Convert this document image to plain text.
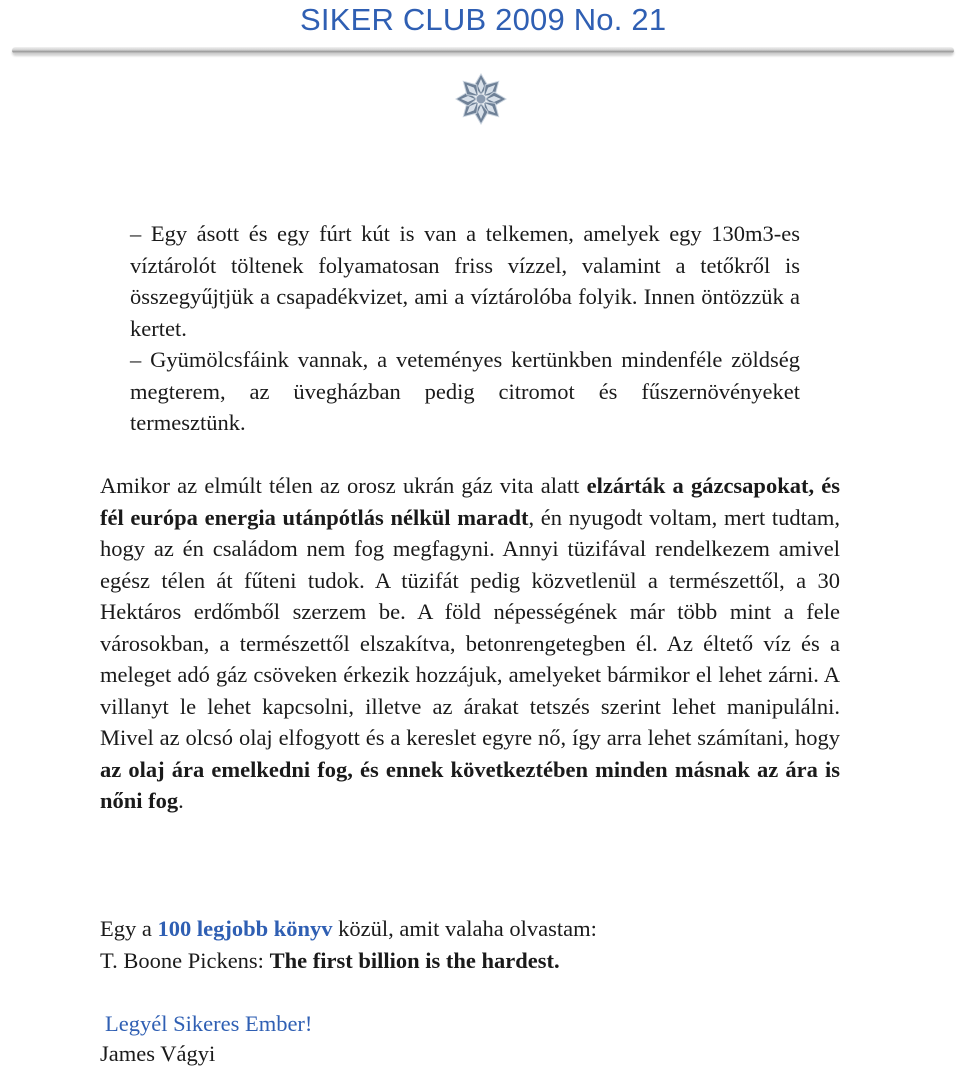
SIKER CLUB 2009 No. 21

– Egy ásott és egy fúrt kút is van a telkemen, amelyek egy 130m3-es víztárolót töltenek folyamatosan friss vízzel, valamint a tetőkről is összegyűjtjük a csapadékvizet, ami a víztárolóba folyik. Innen öntözzük a kertet.

– Gyümölcsfáink vannak, a veteményes kertünkben mindenféle zöldség megterem, az üvegházban pedig citromot és fűszernövényeket termesztünk.

Amikor az elmúlt télen az orosz ukrán gáz vita alatt elzárták a gázcsapokat, és fél európa energia utánpótlás nélkül maradt, én nyugodt voltam, mert tudtam, hogy az én családom nem fog megfagyni. Annyi tüzifával rendelkezem amivel egész télen át fűteni tudok. A tüzifát pedig közvetlenül a természettől, a 30 Hektáros erdőmből szerzem be. A föld népességének már több mint a fele városokban, a természettől elszakítva, betonrengetegben él. Az éltető víz és a meleget adó gáz csöveken érkezik hozzájuk, amelyeket bármikor el lehet zárni. A villanyt le lehet kapcsolni, illetve az árakat tetszés szerint lehet manipulálni. Mivel az olcsó olaj elfogyott és a kereslet egyre nő, így arra lehet számítani, hogy az olaj ára emelkedni fog, és ennek következtében minden másnak az ára is nőni fog.

Egy a 100 legjobb könyv közül, amit valaha olvastam:
T. Boone Pickens: The first billion is the hardest.
Legyél Sikeres Ember!
James Vágyi
